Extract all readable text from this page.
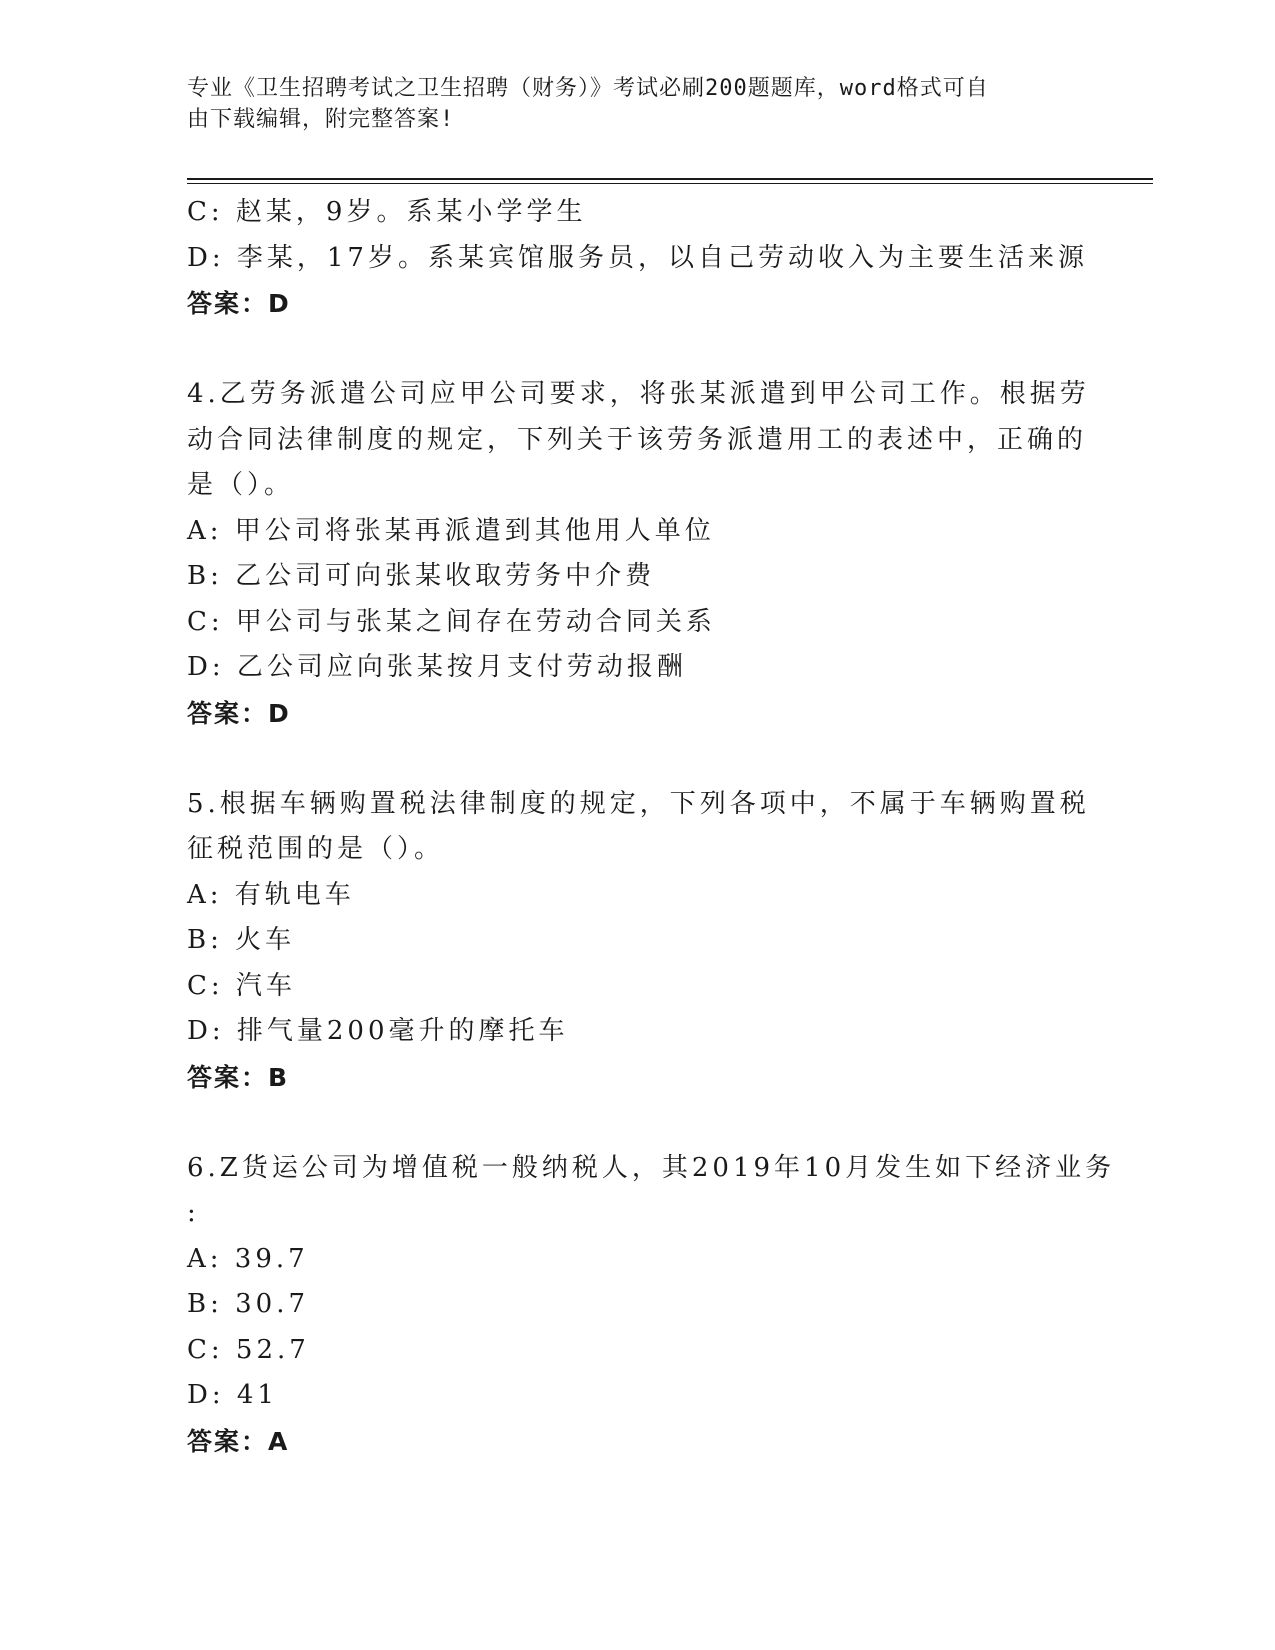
专业《卫生招聘考试之卫生招聘（财务）》考试必刷200题题库，word格式可自
由下载编辑，附完整答案!
C: 赵某，9岁。系某小学学生
D: 李某，17岁。系某宾馆服务员，以自己劳动收入为主要生活来源
答案：D
4.乙劳务派遣公司应甲公司要求，将张某派遣到甲公司工作。根据劳
动合同法律制度的规定，下列关于该劳务派遣用工的表述中，正确的
是（）。
A: 甲公司将张某再派遣到其他用人单位
B: 乙公司可向张某收取劳务中介费
C: 甲公司与张某之间存在劳动合同关系
D: 乙公司应向张某按月支付劳动报酬
答案：D
5.根据车辆购置税法律制度的规定，下列各项中，不属于车辆购置税
征税范围的是（）。
A: 有轨电车
B: 火车
C: 汽车
D: 排气量200毫升的摩托车
答案：B
6.Z货运公司为增值税一般纳税人，其2019年10月发生如下经济业务
:
A: 39.7
B: 30.7
C: 52.7
D: 41
答案：A
